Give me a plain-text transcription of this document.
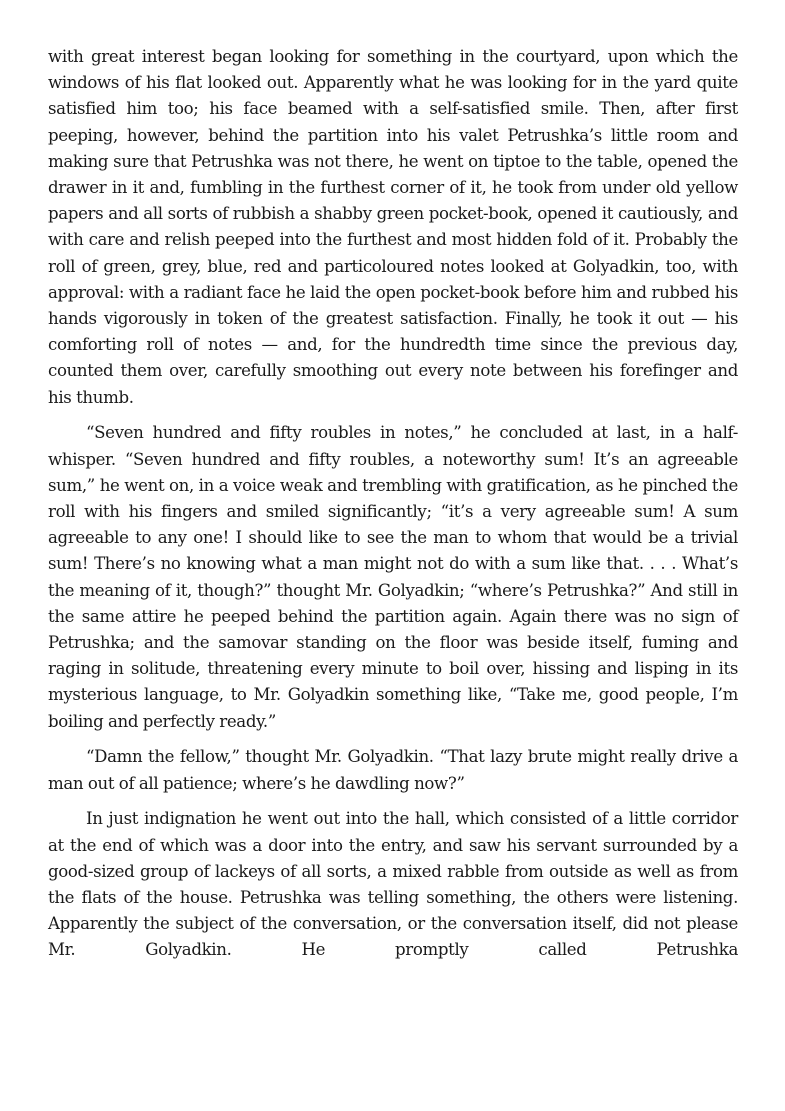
with great interest began looking for something in the courtyard, upon which the windows of his flat looked out. Apparently what he was looking for in the yard quite satisfied him too; his face beamed with a self-satisfied smile. Then, after first peeping, however, behind the partition into his valet Petrushka’s little room and making sure that Petrushka was not there, he went on tiptoe to the table, opened the drawer in it and, fumbling in the furthest corner of it, he took from under old yellow papers and all sorts of rubbish a shabby green pocket-book, opened it cautiously, and with care and relish peeped into the furthest and most hidden fold of it. Probably the roll of green, grey, blue, red and particoloured notes looked at Golyadkin, too, with approval: with a radiant face he laid the open pocket-book before him and rubbed his hands vigorously in token of the greatest satisfaction. Finally, he took it out — his comforting roll of notes — and, for the hundredth time since the previous day, counted them over, carefully smoothing out every note between his forefinger and his thumb.

“Seven hundred and fifty roubles in notes,” he concluded at last, in a half-whisper. “Seven hundred and fifty roubles, a noteworthy sum! It’s an agreeable sum,” he went on, in a voice weak and trembling with gratification, as he pinched the roll with his fingers and smiled significantly; “it’s a very agreeable sum! A sum agreeable to any one! I should like to see the man to whom that would be a trivial sum! There’s no knowing what a man might not do with a sum like that. . . . What’s the meaning of it, though?” thought Mr. Golyadkin; “where’s Petrushka?” And still in the same attire he peeped behind the partition again. Again there was no sign of Petrushka; and the samovar standing on the floor was beside itself, fuming and raging in solitude, threatening every minute to boil over, hissing and lisping in its mysterious language, to Mr. Golyadkin something like, “Take me, good people, I’m boiling and perfectly ready.”

“Damn the fellow,” thought Mr. Golyadkin. “That lazy brute might really drive a man out of all patience; where’s he dawdling now?”

In just indignation he went out into the hall, which consisted of a little corridor at the end of which was a door into the entry, and saw his servant surrounded by a good-sized group of lackeys of all sorts, a mixed rabble from outside as well as from the flats of the house. Petrushka was telling something, the others were listening. Apparently the subject of the conversation, or the conversation itself, did not please Mr. Golyadkin. He promptly called Petrushka
